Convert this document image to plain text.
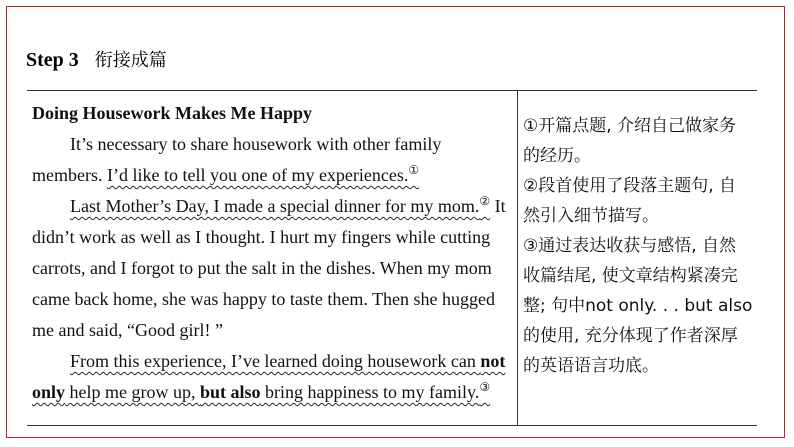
Step 3 衔接成篇
Doing Housework Makes Me Happy
It’s necessary to share housework with other family members. I’d like to tell you one of my experiences.①
Last Mother’s Day, I made a special dinner for my mom.② It didn’t work as well as I thought. I hurt my fingers while cutting carrots, and I forgot to put the salt in the dishes. When my mom came back home, she was happy to taste them. Then she hugged me and said, “Good girl! ”
From this experience, I’ve learned doing housework can not only help me grow up, but also bring happiness to my family.③
①开篇点题, 介绍自己做家务的经历。
②段首使用了段落主题句, 自然引入细节描写。
③通过表达收获与感悟, 自然收篇结尾, 使文章结构紧凑完整; 句中not only. . . but also的使用, 充分体现了作者深厚的英语语言功底。
